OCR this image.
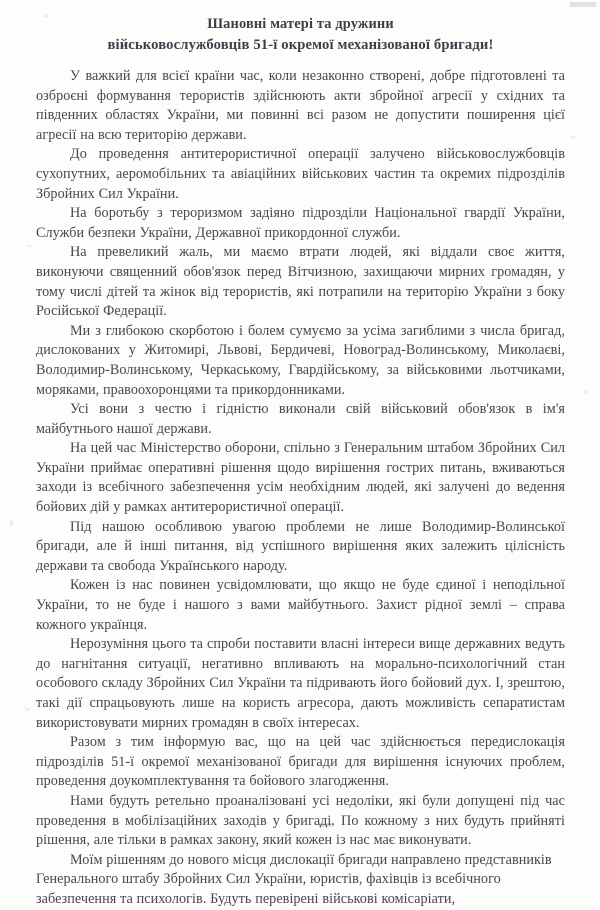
Шановні матері та дружини
військовослужбовців 51-ї окремої механізованої бригади!

У важкий для всієї країни час, коли незаконно створені, добре підготовлені та озброєні формування терористів здійснюють акти збройної агресії у східних та південних областях України, ми повинні всі разом не допустити поширення цієї агресії на всю територію держави.

До проведення антитерористичної операції залучено військовослужбовців сухопутних, аеромобільних та авіаційних військових частин та окремих підрозділів Збройних Сил України.

На боротьбу з тероризмом задіяно підрозділи Національної гвардії України, Служби безпеки України, Державної прикордонної служби.

На превеликий жаль, ми маємо втрати людей, які віддали своє життя, виконуючи священний обов'язок перед Вітчизною, захищаючи мирних громадян, у тому числі дітей та жінок від терористів, які потрапили на територію України з боку Російської Федерації.

Ми з глибокою скорботою і болем сумуємо за усіма загиблими з числа бригад, дислокованих у Житомирі, Львові, Бердичеві, Новоград-Волинському, Миколаєві, Володимир-Волинському, Черкаському, Гвардійському, за військовими льотчиками, моряками, правоохоронцями та прикордонниками.

Усі вони з честю і гідністю виконали свій військовий обов'язок в ім'я майбутнього нашої держави.

На цей час Міністерство оборони, спільно з Генеральним штабом Збройних Сил України приймає оперативні рішення щодо вирішення гострих питань, вживаються заходи із всебічного забезпечення усім необхідним людей, які залучені до ведення бойових дій у рамках антитерористичної операції.

Під нашою особливою увагою проблеми не лише Володимир-Волинської бригади, але й інші питання, від успішного вирішення яких залежить цілісність держави та свобода Українського народу.

Кожен із нас повинен усвідомлювати, що якщо не буде єдиної і неподільної України, то не буде і нашого з вами майбутнього. Захист рідної землі – справа кожного українця.

Нерозуміння цього та спроби поставити власні інтереси вище державних ведуть до нагнітання ситуації, негативно впливають на морально-психологічний стан особового складу Збройних Сил України та підривають його бойовий дух. І, зрештою, такі дії спрацьовують лише на користь агресора, дають можливість сепаратистам використовувати мирних громадян в своїх інтересах.

Разом з тим інформую вас, що на цей час здійснюється передислокація підрозділів 51-ї окремої механізованої бригади для вирішення існуючих проблем, проведення доукомплектування та бойового злагодження.

Нами будуть ретельно проаналізовані усі недоліки, які були допущені під час проведення в мобілізаційних заходів у бригаді. По кожному з них будуть прийняті рішення, але тільки в рамках закону, який кожен із нас має виконувати.

Моїм рішенням до нового місця дислокації бригади направлено представників Генерального штабу Збройних Сил України, юристів, фахівців із всебічного забезпечення та психологів. Будуть перевірені військові комісаріати,
